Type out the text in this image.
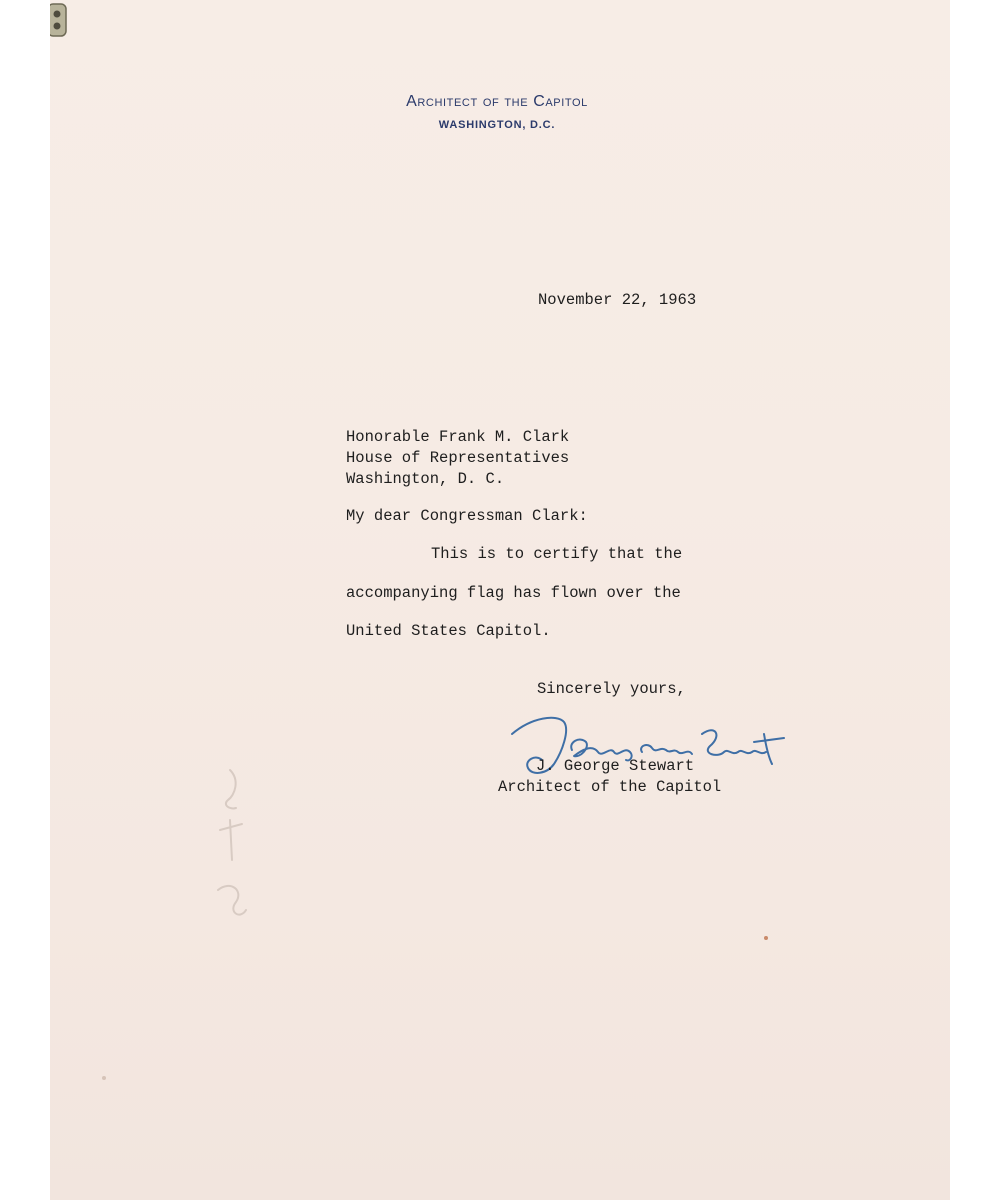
Architect of the Capitol
WASHINGTON, D.C.
November 22, 1963
Honorable Frank M. Clark
House of Representatives
Washington, D. C.
My dear Congressman Clark:
This is to certify that the
accompanying flag has flown over the
United States Capitol.
Sincerely yours,
J. George Stewart
Architect of the Capitol
